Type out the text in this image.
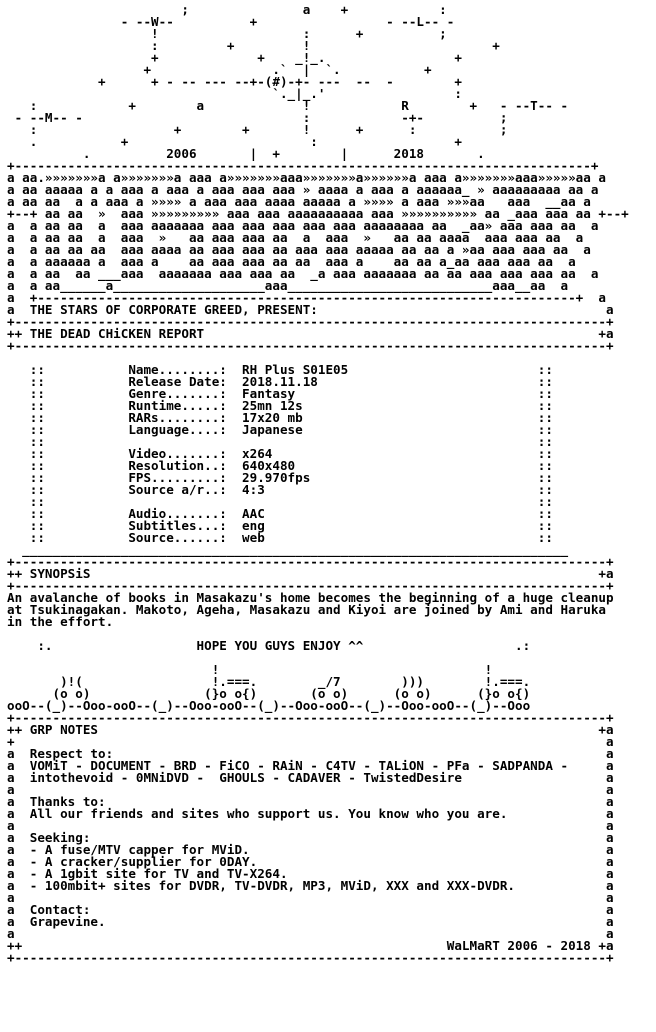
;               a    +            :
- --W--          +                 - --L-- -
!                   :      +          ;
:         +         !                        +
+             +    _!_.                 +
+                .`  |  `.           +
+      + - -- --- --+-(#)-+- ---  --  -        +
`._|_.'                 :
:            +        a             !            R        +   - --T-- -
- --M-- -                             :            -+-          ;
:                  +        +       !      +      :           ;
.           +                        :                  +
.          2006       |  +        |      2018       .
+----------------------------------------------------------------------------+
a aa.»»»»»»»a a»»»»»»»a aaa a»»»»»»»aaa»»»»»»»a»»»»»»a aaa a»»»»»»»aaa»»»»»aa a
a aa aaaaa a a aaa a aaa a aaa aaa aaa » aaaa a aaa a aaaaaa_ » aaaaaaaaa aa a
a aa aa  a a aaa a »»»» a aaa aaa aaaa aaaaa a »»»» a aaa »»»aa   aaa  __aa a
+--+ aa aa  »  aaa »»»»»»»»» aaa aaa aaaaaaaaaa aaa »»»»»»»»»» aa _aaa aaa aa +--+
a  a aa aa  a  aaa aaaaaaa aaa aaa aaa aaa aaa aaaaaaaa aa  _aa» aaa aaa aa  a
a  a aa aa  a  aaa  »   aa aaa aaa aa  a  aaa  »   aa aa aaaa  aaa aaa aa  a
a  a aa aa aa  aaa aaaa aa aaa aaa aa aaa aaa aaaaa aa aa a »aa aaa aaa aa  a
a  a aaaaaa a  aaa a    aa aaa aaa aa aa  aaa a    aa aa a_aa aaa aaa aa  a
a  a aa  aa ___aaa  aaaaaaa aaa aaa aa  _a aaa aaaaaaa aa aa aaa aaa aaa aa  a
a  a aa______a____________________aaa___________________________aaa__aa  a
a  +-----------------------------------------------------------------------+  a
a  THE STARS OF CORPORATE GREED, PRESENT:                                      a
+------------------------------------------------------------------------------+
++ THE DEAD CHiCKEN REPORT                                                    +a
+------------------------------------------------------------------------------+

::           Name........:  RH Plus S01E05                         ::
::           Release Date:  2018.11.18                             ::
::           Genre.......:  Fantasy                                ::
::           Runtime.....:  25mn 12s                               ::
::           RARs........:  17x20 mb                               ::
::           Language....:  Japanese                               ::
::                                                                 ::
::           Video.......:  x264                                   ::
::           Resolution..:  640x480                                ::
::           FPS.........:  29.970fps                              ::
::           Source a/r..:  4:3                                    ::
::                                                                 ::
::           Audio.......:  AAC                                    ::
::           Subtitles...:  eng                                    ::
::           Source......:  web                                    ::
________________________________________________________________________
+------------------------------------------------------------------------------+
++ SYNOPSiS                                                                   +a
+------------------------------------------------------------------------------+
An avalanche of books in Masakazu's home becomes the beginning of a huge cleanup
at Tsukinagakan. Makoto, Ageha, Masakazu and Kiyoi are joined by Ami and Haruka
in the effort.

:.                   HOPE YOU GUYS ENJOY ^^                    .:

!                                   !
)!(                 !.===.        _/7        )))        !.===.
(o o)               (}o o{)       (o o)      (o o)      (}o o{)
ooO--(_)--Ooo-ooO--(_)--Ooo-ooO--(_)--Ooo-ooO--(_)--Ooo-ooO--(_)--Ooo
+------------------------------------------------------------------------------+
++ GRP NOTES                                                                  +a
+                                                                              a
a  Respect to:                                                                 a
a  VOMiT - DOCUMENT - BRD - FiCO - RAiN - C4TV - TALiON - PFa - SADPANDA -     a
a  intothevoid - 0MNiDVD -  GHOULS - CADAVER - TwistedDesire                   a
a                                                                              a
a  Thanks to:                                                                  a
a  All our friends and sites who support us. You know who you are.             a
a                                                                              a
a  Seeking:                                                                    a
a  - A fuse/MTV capper for MViD.                                               a
a  - A cracker/supplier for 0DAY.                                              a
a  - A 1gbit site for TV and TV-X264.                                          a
a  - 100mbit+ sites for DVDR, TV-DVDR, MP3, MViD, XXX and XXX-DVDR.            a
a                                                                              a
a  Contact:                                                                    a
a  Grapevine.                                                                  a
a                                                                              a
++                                                        WaLMaRT 2006 - 2018 +a
+------------------------------------------------------------------------------+
